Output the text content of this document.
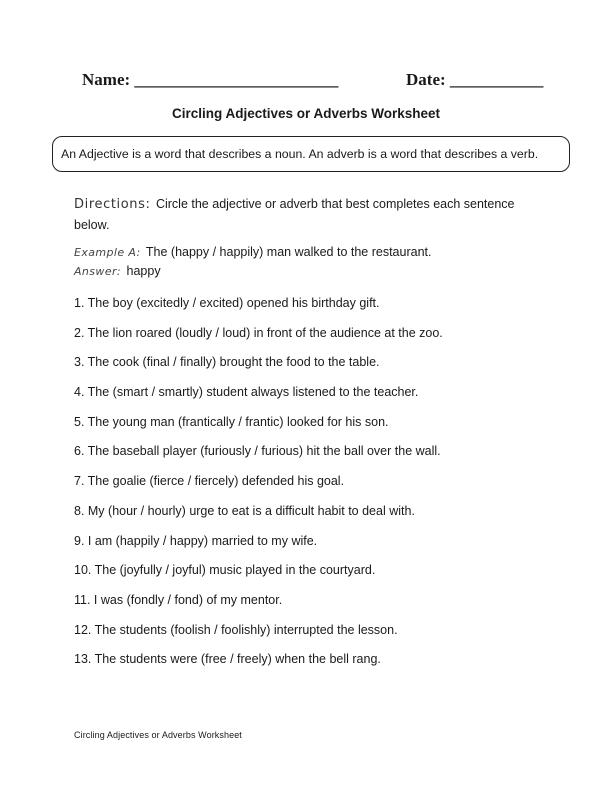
Name: ________________________	Date: ___________
Circling Adjectives or Adverbs Worksheet
An Adjective is a word that describes a noun. An adverb is a word that describes a verb.
Directions: Circle the adjective or adverb that best completes each sentence below.
Example A: The (happy / happily) man walked to the restaurant.
Answer: happy
1. The boy (excitedly / excited) opened his birthday gift.
2. The lion roared (loudly / loud) in front of the audience at the zoo.
3. The cook (final / finally) brought the food to the table.
4. The (smart / smartly) student always listened to the teacher.
5. The young man (frantically / frantic) looked for his son.
6. The baseball player (furiously / furious) hit the ball over the wall.
7. The goalie (fierce / fiercely) defended his goal.
8. My (hour / hourly) urge to eat is a difficult habit to deal with.
9. I am (happily / happy) married to my wife.
10. The (joyfully / joyful) music played in the courtyard.
11. I was (fondly / fond) of my mentor.
12. The students (foolish / foolishly) interrupted the lesson.
13. The students were (free / freely) when the bell rang.
Circling Adjectives or Adverbs Worksheet
